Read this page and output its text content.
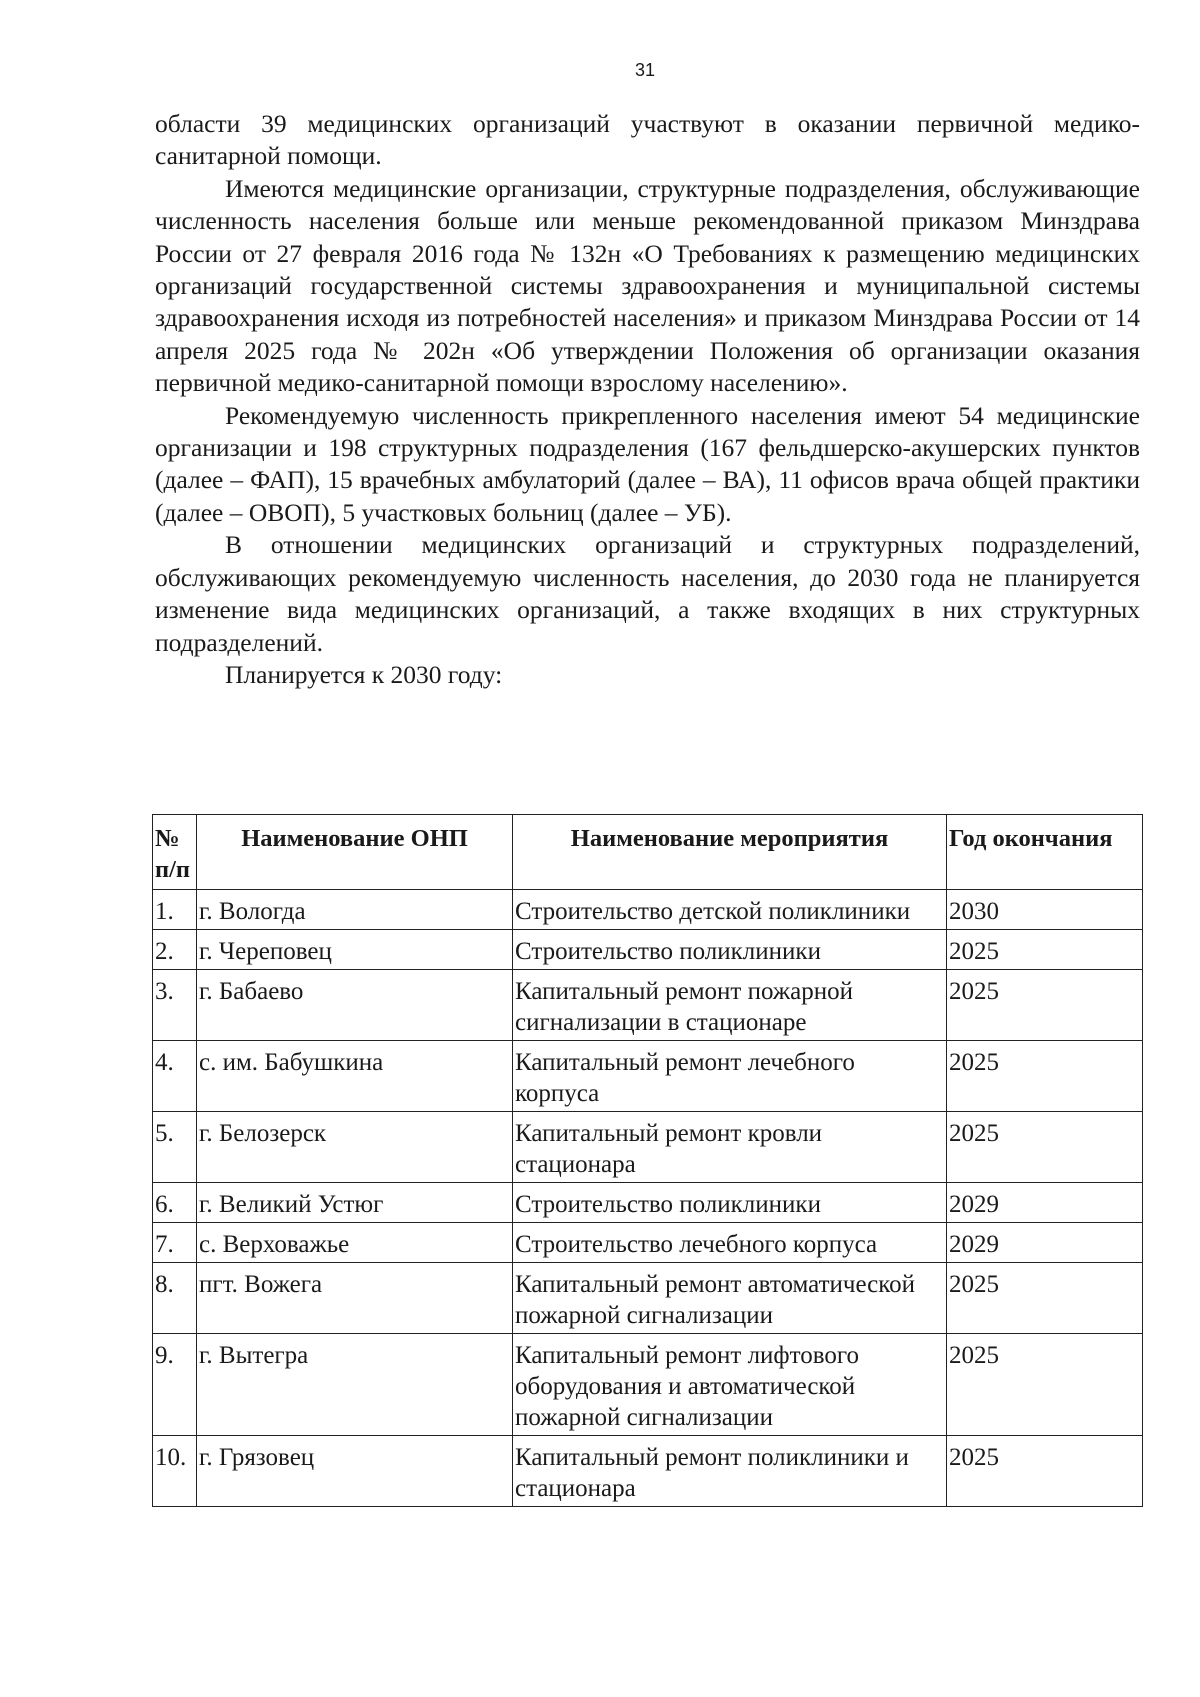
31

области 39 медицинских организаций участвуют в оказании первичной медико-санитарной помощи.

Имеются медицинские организации, структурные подразделения, обслуживающие численность населения больше или меньше рекомендованной приказом Минздрава России от 27 февраля 2016 года № 132н «О Требованиях к размещению медицинских организаций государственной системы здравоохранения и муниципальной системы здравоохранения исходя из потребностей населения» и приказом Минздрава России от 14 апреля 2025 года № 202н «Об утверждении Положения об организации оказания первичной медико-санитарной помощи взрослому населению».

Рекомендуемую численность прикрепленного населения имеют 54 медицинские организации и 198 структурных подразделения (167 фельдшерско-акушерских пунктов (далее – ФАП), 15 врачебных амбулаторий (далее – ВА), 11 офисов врача общей практики (далее – ОВОП), 5 участковых больниц (далее – УБ).

В отношении медицинских организаций и структурных подразделений, обслуживающих рекомендуемую численность населения, до 2030 года не планируется изменение вида медицинских организаций, а также входящих в них структурных подразделений.

Планируется к 2030 году:

№ п/п	Наименование ОНП	Наименование мероприятия	Год окончания
1.	г. Вологда	Строительство детской поликлиники	2030
2.	г. Череповец	Строительство поликлиники	2025
3.	г. Бабаево	Капитальный ремонт пожарной сигнализации в стационаре	2025
4.	с. им. Бабушкина	Капитальный ремонт лечебного корпуса	2025
5.	г. Белозерск	Капитальный ремонт кровли стационара	2025
6.	г. Великий Устюг	Строительство поликлиники	2029
7.	с. Верховажье	Строительство лечебного корпуса	2029
8.	пгт. Вожега	Капитальный ремонт автоматической пожарной сигнализации	2025
9.	г. Вытегра	Капитальный ремонт лифтового оборудования и автоматической пожарной сигнализации	2025
10.	г. Грязовец	Капитальный ремонт поликлиники и стационара	2025
